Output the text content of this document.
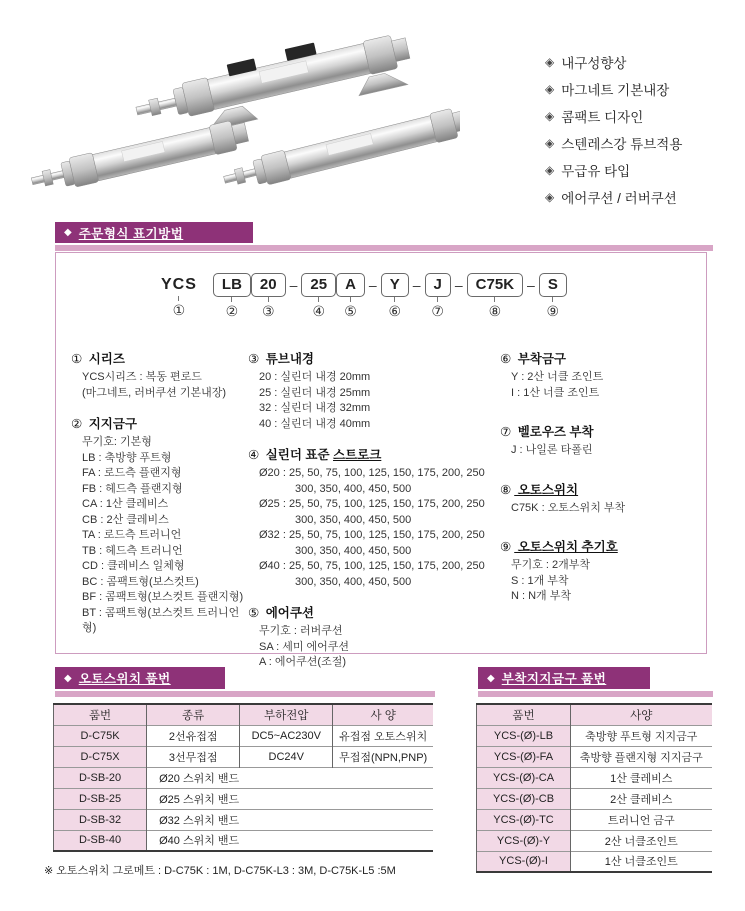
◈ 내구성향상
◈ 마그네트 기본내장
◈ 콤팩트 디자인
◈ 스텐레스강 튜브적용
◈ 무급유 타입
◈ 에어쿠션 / 러버쿠션
◆ 주문형식 표기방법
YCS
①
LB
②
20
③
– 25
④
A
⑤
– Y
⑥
– J
⑦
– C75K
⑧
– S
⑨
① 시리즈
YCS시리즈 : 복동 편로드
(마그네트, 러버쿠션 기본내장)
② 지지금구
무기호: 기본형
LB : 축방향 푸트형
FA : 로드측 플랜지형
FB : 헤드측 플랜지형
CA : 1산 클레비스
CB : 2산 클레비스
TA : 로드측 트러니언
TB : 헤드측 트러니언
CD : 클레비스 일체형
BC : 콤팩트형(보스컷트)
BF : 콤팩트형(보스컷트 플랜지형)
BT : 콤팩트형(보스컷트 트러니언형)
③ 튜브내경
20 : 실린더 내경 20mm
25 : 실린더 내경 25mm
32 : 실린더 내경 32mm
40 : 실린더 내경 40mm
④ 실린더 표준 스트로크
Ø20 : 25, 50, 75, 100, 125, 150, 175, 200, 250
300, 350, 400, 450, 500
Ø25 : 25, 50, 75, 100, 125, 150, 175, 200, 250
300, 350, 400, 450, 500
Ø32 : 25, 50, 75, 100, 125, 150, 175, 200, 250
300, 350, 400, 450, 500
Ø40 : 25, 50, 75, 100, 125, 150, 175, 200, 250
300, 350, 400, 450, 500
⑤ 에어쿠션
무기호 : 러버쿠션
SA : 세미 에어쿠션
A : 에어쿠션(조절)
⑥ 부착금구
Y : 2산 너클 조인트
I : 1산 너클 조인트
⑦ 벨로우즈 부착
J : 나일론 타폴린
⑧ 오토스위치
C75K : 오토스위치 부착
⑨ 오토스위치 추기호
무기호 : 2개부착
S : 1개 부착
N : N개 부착
◆ 오토스위치 품번
품번	종류	부하전압	사 양
D-C75K	2선유접점	DC5~AC230V	유접점 오토스위치
D-C75X	3선무접점	DC24V	무접점(NPN,PNP)
D-SB-20	Ø20 스위치 밴드		
D-SB-25	Ø25 스위치 밴드		
D-SB-32	Ø32 스위치 밴드		
D-SB-40	Ø40 스위치 밴드		
※ 오토스위치 그로메트 : D-C75K : 1M, D-C75K-L3 : 3M, D-C75K-L5 :5M
◆ 부착지지금구 품번
품번	사양
YCS-(Ø)-LB	축방향 푸트형 지지금구
YCS-(Ø)-FA	축방향 플랜지형 지지금구
YCS-(Ø)-CA	1산 클레비스
YCS-(Ø)-CB	2산 클레비스
YCS-(Ø)-TC	트러니언 금구
YCS-(Ø)-Y	2산 너클조인트
YCS-(Ø)-I	1산 너클조인트
